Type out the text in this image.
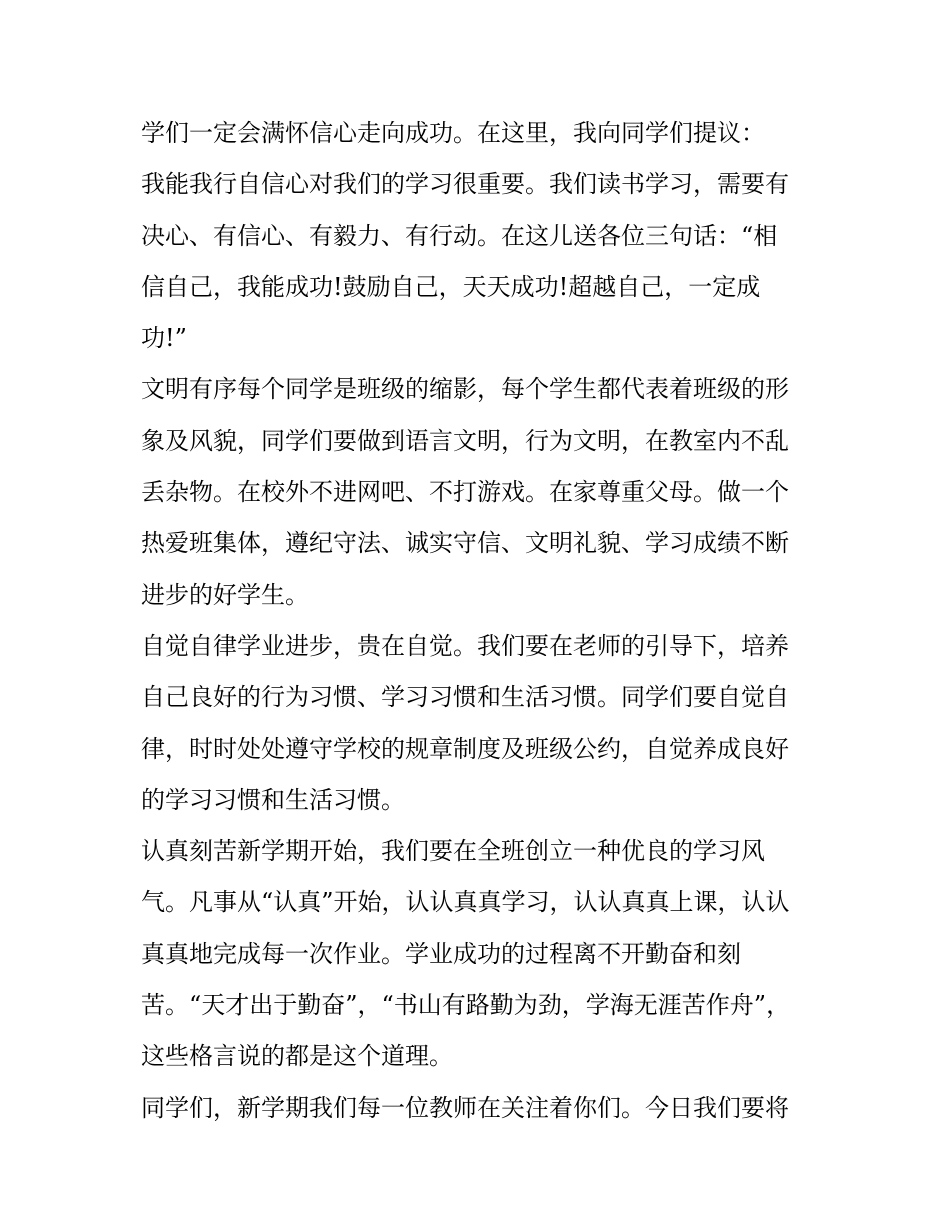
学们一定会满怀信心走向成功。在这里，我向同学们提议：
我能我行自信心对我们的学习很重要。我们读书学习，需要有
决心、有信心、有毅力、有行动。在这儿送各位三句话：“相
信自己，我能成功!鼓励自己，天天成功!超越自己，一定成
功!”
文明有序每个同学是班级的缩影，每个学生都代表着班级的形
象及风貌，同学们要做到语言文明，行为文明，在教室内不乱
丢杂物。在校外不进网吧、不打游戏。在家尊重父母。做一个
热爱班集体，遵纪守法、诚实守信、文明礼貌、学习成绩不断
进步的好学生。
自觉自律学业进步，贵在自觉。我们要在老师的引导下，培养
自己良好的行为习惯、学习习惯和生活习惯。同学们要自觉自
律，时时处处遵守学校的规章制度及班级公约，自觉养成良好
的学习习惯和生活习惯。
认真刻苦新学期开始，我们要在全班创立一种优良的学习风
气。凡事从“认真”开始，认认真真学习，认认真真上课，认认
真真地完成每一次作业。学业成功的过程离不开勤奋和刻
苦。“天才出于勤奋”，“书山有路勤为劲，学海无涯苦作舟”，
这些格言说的都是这个道理。
同学们，新学期我们每一位教师在关注着你们。今日我们要将
